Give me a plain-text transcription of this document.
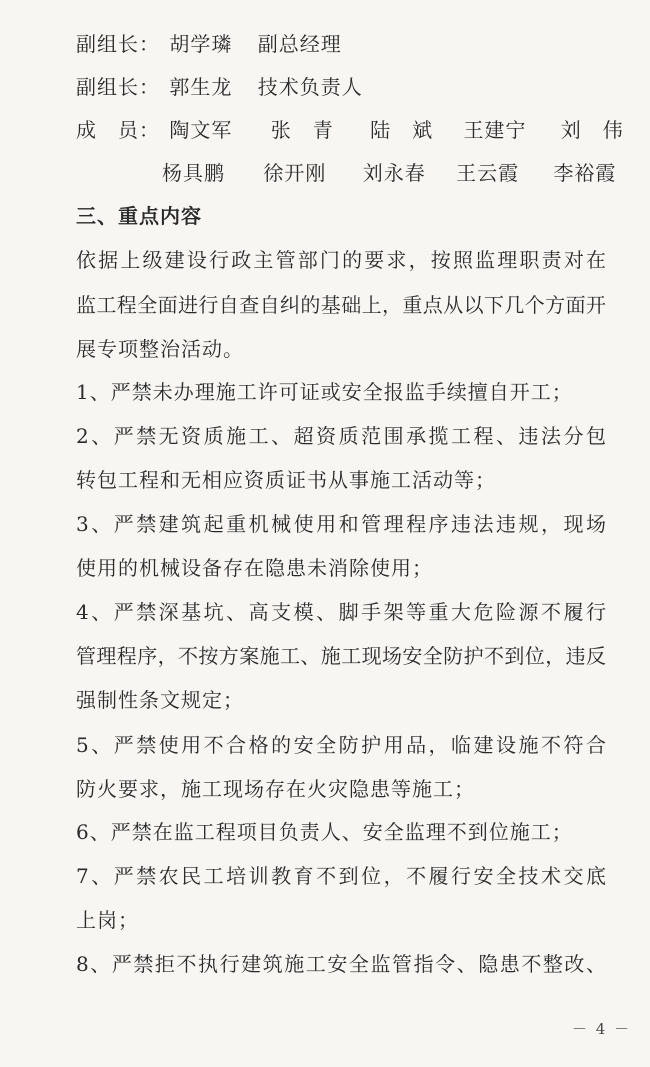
副组长： 胡学璘 副总经理
副组长： 郭生龙 技术负责人
成　员： 陶文军 张　青 陆　斌 王建宁 刘　伟
杨具鹏 徐开刚 刘永春 王云霞 李裕霞
三、重点内容
依据上级建设行政主管部门的要求，按照监理职责对在
监工程全面进行自查自纠的基础上，重点从以下几个方面开
展专项整治活动。
1、严禁未办理施工许可证或安全报监手续擅自开工；
2、严禁无资质施工、超资质范围承揽工程、违法分包
转包工程和无相应资质证书从事施工活动等；
3、严禁建筑起重机械使用和管理程序违法违规，现场
使用的机械设备存在隐患未消除使用；
4、严禁深基坑、高支模、脚手架等重大危险源不履行
管理程序，不按方案施工、施工现场安全防护不到位，违反
强制性条文规定；
5、严禁使用不合格的安全防护用品，临建设施不符合
防火要求，施工现场存在火灾隐患等施工；
6、严禁在监工程项目负责人、安全监理不到位施工；
7、严禁农民工培训教育不到位，不履行安全技术交底
上岗；
8、严禁拒不执行建筑施工安全监管指令、隐患不整改、
－ 4 －
